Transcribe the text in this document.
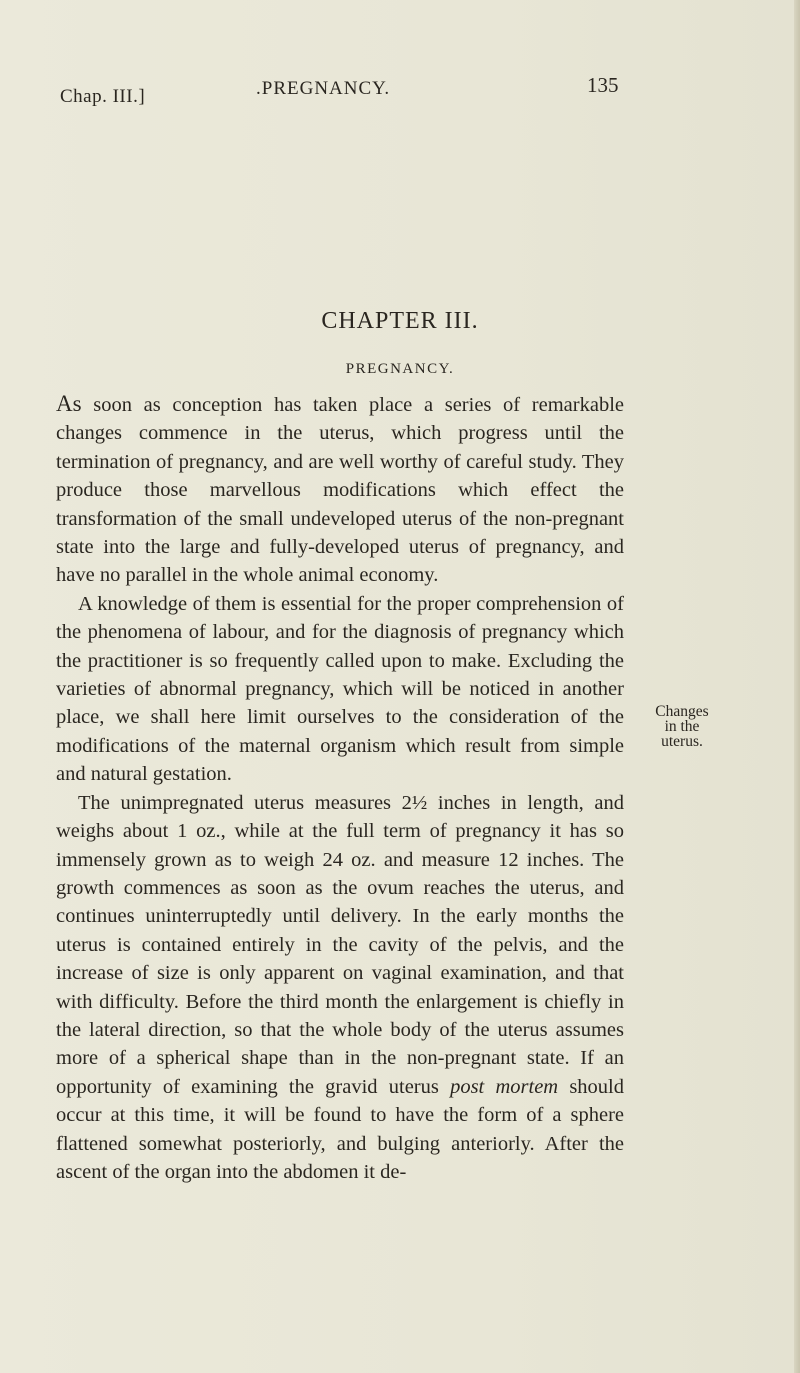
Chap. III.]	.PREGNANCY.	135
CHAPTER III.
PREGNANCY.

As soon as conception has taken place a series of remarkable changes commence in the uterus, which progress until the termination of pregnancy, and are well worthy of careful study. They produce those marvellous modifications which effect the transformation of the small undeveloped uterus of the non-pregnant state into the large and fully-developed uterus of pregnancy, and have no parallel in the whole animal economy.

A knowledge of them is essential for the proper comprehension of the phenomena of labour, and for the diagnosis of pregnancy which the practitioner is so frequently called upon to make. Excluding the varieties of abnormal pregnancy, which will be noticed in another place, we shall here limit ourselves to the consideration of the modifications of the maternal organism which result from simple and natural gestation.

The unimpregnated uterus measures 2½ inches in length, and weighs about 1 oz., while at the full term of pregnancy it has so immensely grown as to weigh 24 oz. and measure 12 inches. The growth commences as soon as the ovum reaches the uterus, and continues uninterruptedly until delivery. In the early months the uterus is contained entirely in the cavity of the pelvis, and the increase of size is only apparent on vaginal examination, and that with difficulty. Before the third month the enlargement is chiefly in the lateral direction, so that the whole body of the uterus assumes more of a spherical shape than in the non-pregnant state. If an opportunity of examining the gravid uterus post mortem should occur at this time, it will be found to have the form of a sphere flattened somewhat posteriorly, and bulging anteriorly. After the ascent of the organ into the abdomen it de-

Changes
in the
uterus.
